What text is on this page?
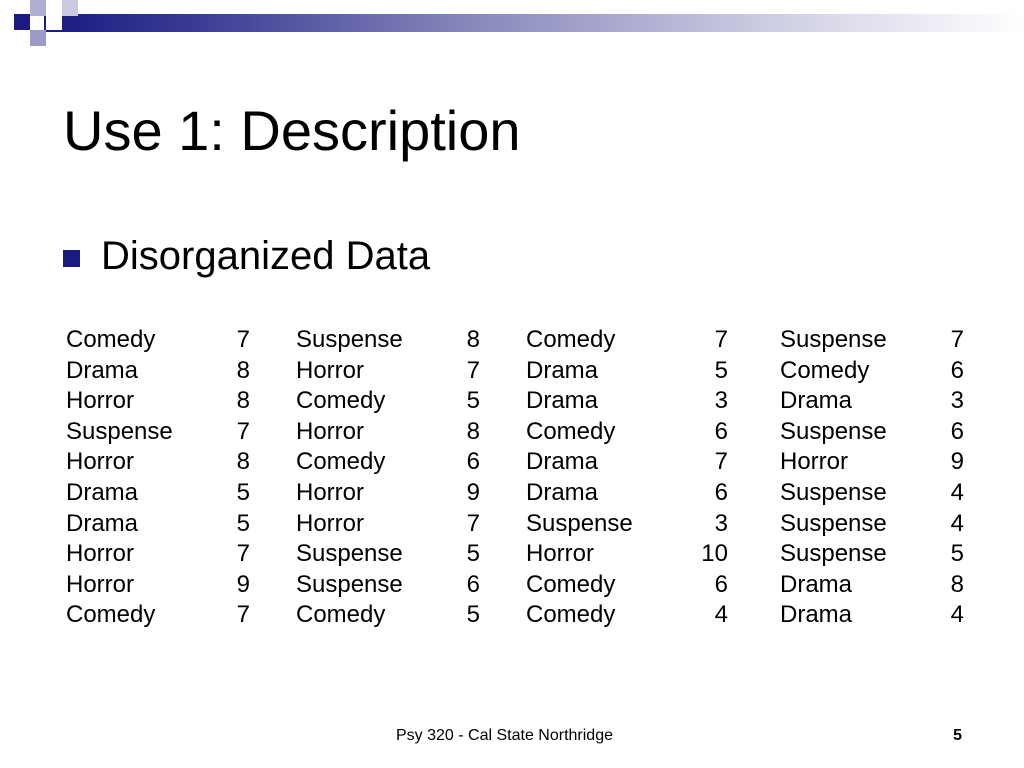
Use 1: Description
Disorganized Data
Comedy	7	Suspense	8	Comedy	7	Suspense	7
Drama	8	Horror	7	Drama	5	Comedy	6
Horror	8	Comedy	5	Drama	3	Drama	3
Suspense	7	Horror	8	Comedy	6	Suspense	6
Horror	8	Comedy	6	Drama	7	Horror	9
Drama	5	Horror	9	Drama	6	Suspense	4
Drama	5	Horror	7	Suspense	3	Suspense	4
Horror	7	Suspense	5	Horror	10	Suspense	5
Horror	9	Suspense	6	Comedy	6	Drama	8
Comedy	7	Comedy	5	Comedy	4	Drama	4
Psy 320 - Cal State Northridge	5
